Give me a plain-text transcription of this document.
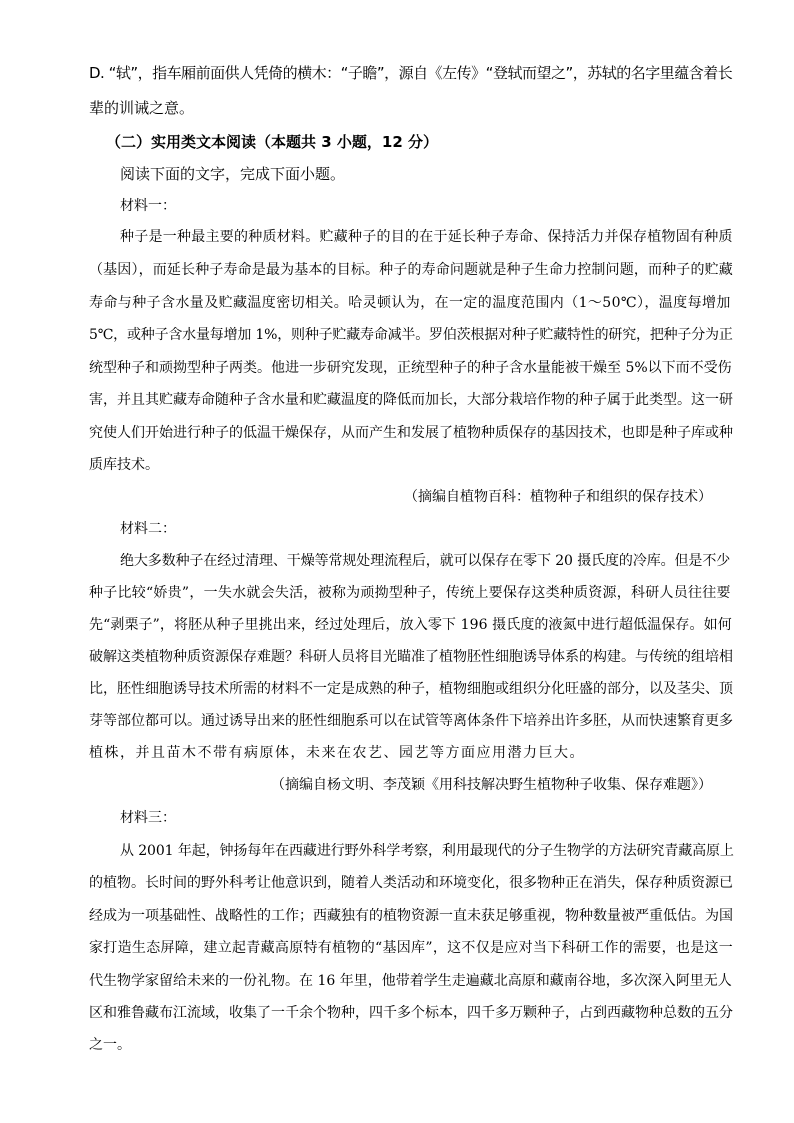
D. “轼”，指车厢前面供人凭倚的横木：“子瞻”，源自《左传》“登轼而望之”，苏轼的名字里蕴含着长
辈的训诫之意。
（二）实用类文本阅读（本题共 3 小题，12 分）
阅读下面的文字，完成下面小题。
材料一：
种子是一种最主要的种质材料。贮藏种子的目的在于延长种子寿命、保持活力并保存植物固有种质
（基因），而延长种子寿命是最为基本的目标。种子的寿命问题就是种子生命力控制问题，而种子的贮藏
寿命与种子含水量及贮藏温度密切相关。哈灵顿认为，在一定的温度范围内（1～50℃），温度每增加
5℃，或种子含水量每增加 1%，则种子贮藏寿命减半。罗伯茨根据对种子贮藏特性的研究，把种子分为正
统型种子和顽拗型种子两类。他进一步研究发现，正统型种子的种子含水量能被干燥至 5%以下而不受伤
害，并且其贮藏寿命随种子含水量和贮藏温度的降低而加长，大部分栽培作物的种子属于此类型。这一研
究使人们开始进行种子的低温干燥保存，从而产生和发展了植物种质保存的基因技术，也即是种子库或种
质库技术。
（摘编自植物百科：植物种子和组织的保存技术）
材料二：
绝大多数种子在经过清理、干燥等常规处理流程后，就可以保存在零下 20 摄氏度的冷库。但是不少
种子比较“娇贵”，一失水就会失活，被称为顽拗型种子，传统上要保存这类种质资源，科研人员往往要
先“剥栗子”，将胚从种子里挑出来，经过处理后，放入零下 196 摄氏度的液氮中进行超低温保存。如何
破解这类植物种质资源保存难题？科研人员将目光瞄准了植物胚性细胞诱导体系的构建。与传统的组培相
比，胚性细胞诱导技术所需的材料不一定是成熟的种子，植物细胞或组织分化旺盛的部分，以及茎尖、顶
芽等部位都可以。通过诱导出来的胚性细胞系可以在试管等离体条件下培养出许多胚，从而快速繁育更多
植株，并且苗木不带有病原体，未来在农艺、园艺等方面应用潜力巨大。
（摘编自杨文明、李茂颖《用科技解决野生植物种子收集、保存难题》）
材料三：
从 2001 年起，钟扬每年在西藏进行野外科学考察，利用最现代的分子生物学的方法研究青藏高原上
的植物。长时间的野外科考让他意识到，随着人类活动和环境变化，很多物种正在消失，保存种质资源已
经成为一项基础性、战略性的工作；西藏独有的植物资源一直未获足够重视，物种数量被严重低估。为国
家打造生态屏障，建立起青藏高原特有植物的“基因库”，这不仅是应对当下科研工作的需要，也是这一
代生物学家留给未来的一份礼物。在 16 年里，他带着学生走遍藏北高原和藏南谷地，多次深入阿里无人
区和雅鲁藏布江流域，收集了一千余个物种，四千多个标本，四千多万颗种子，占到西藏物种总数的五分
之一。
